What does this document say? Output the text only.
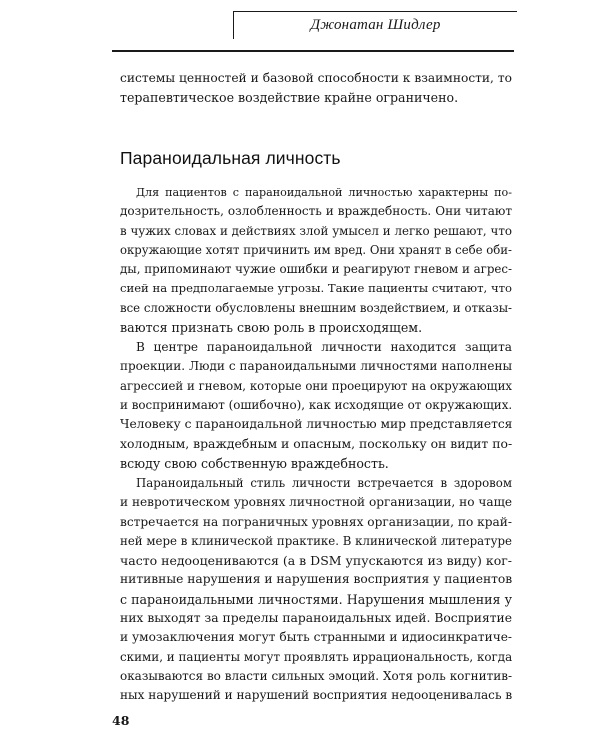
Джонатан Шидлер

системы ценностей и базовой способности к взаимности, то
терапевтическое воздействие крайне ограничено.

Параноидальная личность

Для пациентов с параноидальной личностью характерны по-
дозрительность, озлобленность и враждебность. Они читают
в чужих словах и действиях злой умысел и легко решают, что
окружающие хотят причинить им вред. Они хранят в себе оби-
ды, припоминают чужие ошибки и реагируют гневом и агрес-
сией на предполагаемые угрозы. Такие пациенты считают, что
все сложности обусловлены внешним воздействием, и отказы-
ваются признать свою роль в происходящем.

В центре параноидальной личности находится защита
проекции. Люди с параноидальными личностями наполнены
агрессией и гневом, которые они проецируют на окружающих
и воспринимают (ошибочно), как исходящие от окружающих.
Человеку с параноидальной личностью мир представляется
холодным, враждебным и опасным, поскольку он видит по-
всюду свою собственную враждебность.

Параноидальный стиль личности встречается в здоровом
и невротическом уровнях личностной организации, но чаще
встречается на пограничных уровнях организации, по край-
ней мере в клинической практике. В клинической литературе
часто недооцениваются (а в DSM упускаются из виду) ког-
нитивные нарушения и нарушения восприятия у пациентов
с параноидальными личностями. Нарушения мышления у
них выходят за пределы параноидальных идей. Восприятие
и умозаключения могут быть странными и идиосинкратиче-
скими, и пациенты могут проявлять иррациональность, когда
оказываются во власти сильных эмоций. Хотя роль когнитив-
ных нарушений и нарушений восприятия недооценивалась в

48
